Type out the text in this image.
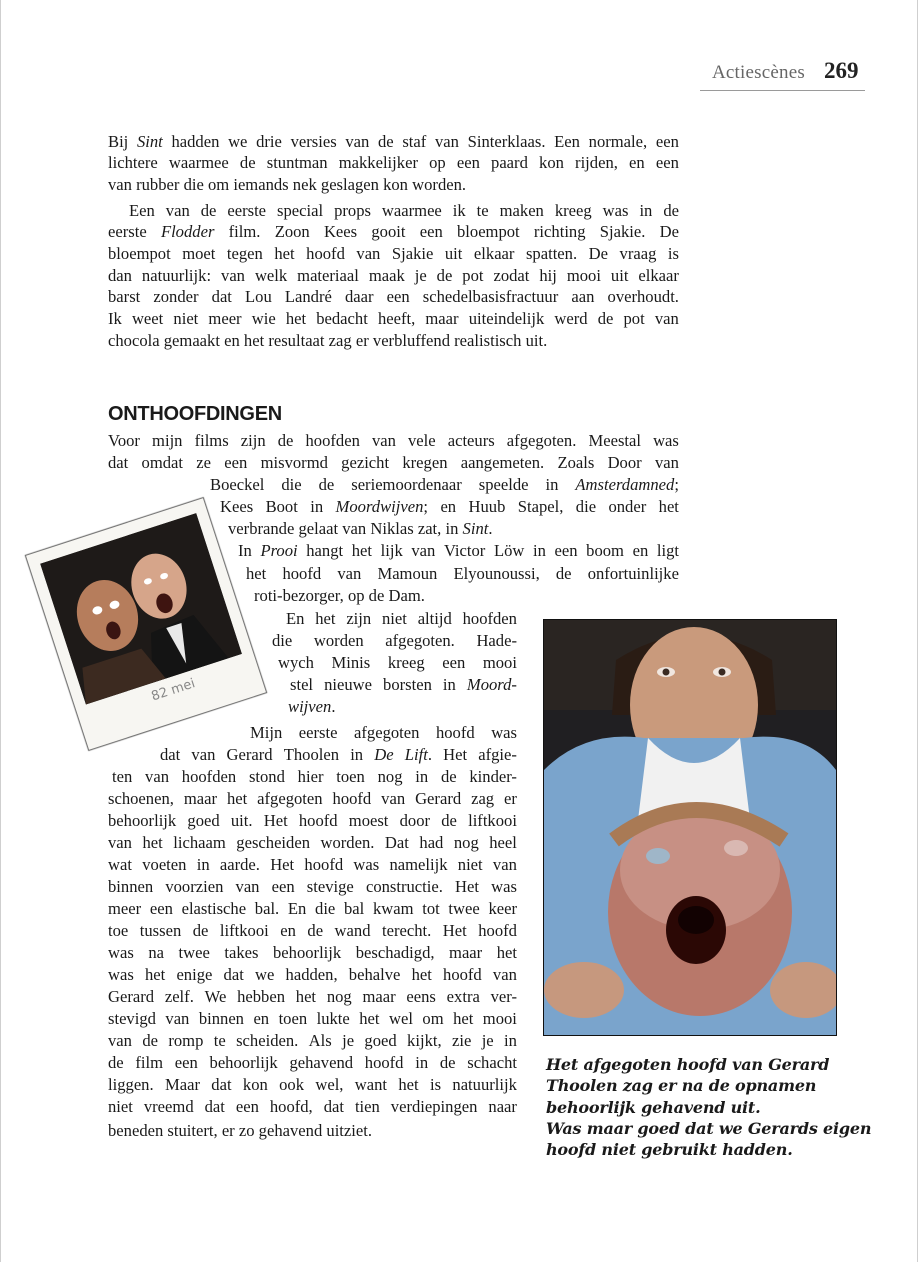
Actiescènes 269
Bij Sint hadden we drie versies van de staf van Sinterklaas. Een normale, een
lichtere waarmee de stuntman makkelijker op een paard kon rijden, en een
van rubber die om iemands nek geslagen kon worden.
Een van de eerste special props waarmee ik te maken kreeg was in de
eerste Flodder film. Zoon Kees gooit een bloempot richting Sjakie. De
bloempot moet tegen het hoofd van Sjakie uit elkaar spatten. De vraag is
dan natuurlijk: van welk materiaal maak je de pot zodat hij mooi uit elkaar
barst zonder dat Lou Landré daar een schedelbasisfractuur aan overhoudt.
Ik weet niet meer wie het bedacht heeft, maar uiteindelijk werd de pot van
chocola gemaakt en het resultaat zag er verbluffend realistisch uit.
ONTHOOFDINGEN
Voor mijn films zijn de hoofden van vele acteurs afgegoten. Meestal was
dat omdat ze een misvormd gezicht kregen aangemeten. Zoals Door van
Boeckel die de seriemoordenaar speelde in Amsterdamned;
Kees Boot in Moordwijven; en Huub Stapel, die onder het
verbrande gelaat van Niklas zat, in Sint.
In Prooi hangt het lijk van Victor Löw in een boom en ligt
het hoofd van Mamoun Elyounoussi, de onfortuinlijke
roti-bezorger, op de Dam.
En het zijn niet altijd hoofden
die worden afgegoten. Hade-
wych Minis kreeg een mooi
stel nieuwe borsten in Moord-
wijven.
Mijn eerste afgegoten hoofd was
dat van Gerard Thoolen in De Lift. Het afgie-
ten van hoofden stond hier toen nog in de kinder-
schoenen, maar het afgegoten hoofd van Gerard zag er
behoorlijk goed uit. Het hoofd moest door de liftkooi
van het lichaam gescheiden worden. Dat had nog heel
wat voeten in aarde. Het hoofd was namelijk niet van
binnen voorzien van een stevige constructie. Het was
meer een elastische bal. En die bal kwam tot twee keer
toe tussen de liftkooi en de wand terecht. Het hoofd
was na twee takes behoorlijk beschadigd, maar het
was het enige dat we hadden, behalve het hoofd van
Gerard zelf. We hebben het nog maar eens extra ver-
stevigd van binnen en toen lukte het wel om het mooi
van de romp te scheiden. Als je goed kijkt, zie je in
de film een behoorlijk gehavend hoofd in de schacht
liggen. Maar dat kon ook wel, want het is natuurlijk
niet vreemd dat een hoofd, dat tien verdiepingen naar
beneden stuitert, er zo gehavend uitziet.
82 mei
Het afgegoten hoofd van Gerard
Thoolen zag er na de opnamen
behoorlijk gehavend uit.
Was maar goed dat we Gerards eigen
hoofd niet gebruikt hadden.
